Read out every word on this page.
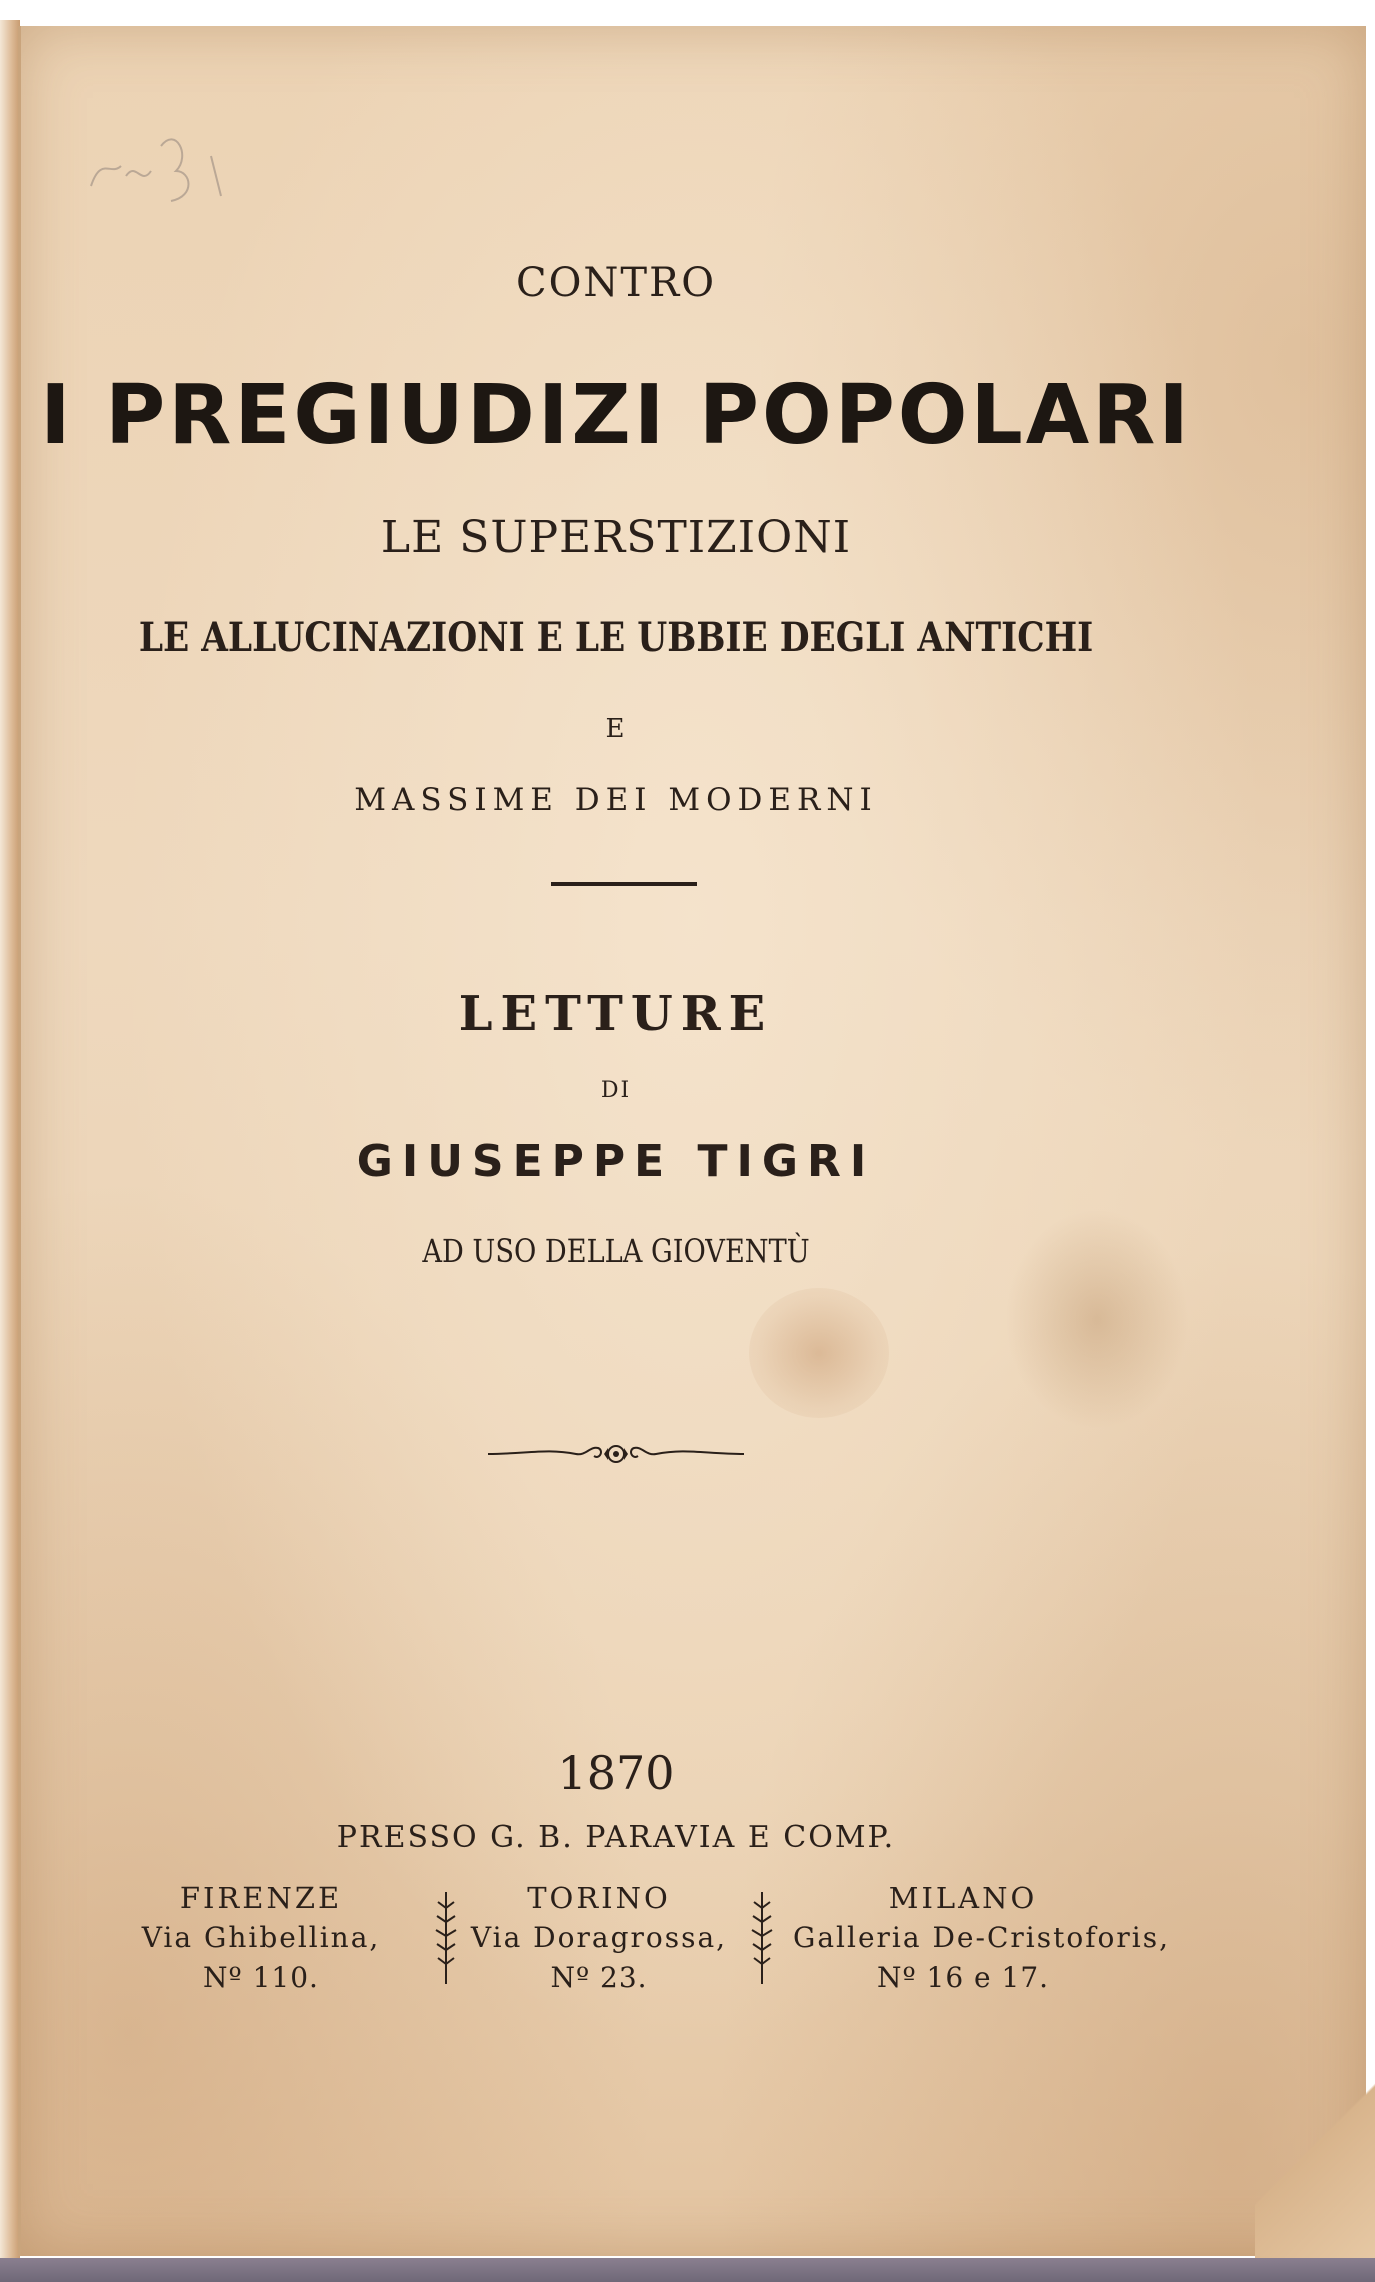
CONTRO
I PREGIUDIZI POPOLARI
LE SUPERSTIZIONI
LE ALLUCINAZIONI E LE UBBIE DEGLI ANTICHI
E
MASSIME DEI MODERNI
LETTURE
DI
GIUSEPPE TIGRI
AD USO DELLA GIOVENTÙ
1870
PRESSO G. B. PARAVIA E COMP.
FIRENZE
Via Ghibellina,
Nº 110.
TORINO
Via Doragrossa,
Nº 23.
MILANO
Galleria De-Cristoforis,
Nº 16 e 17.
